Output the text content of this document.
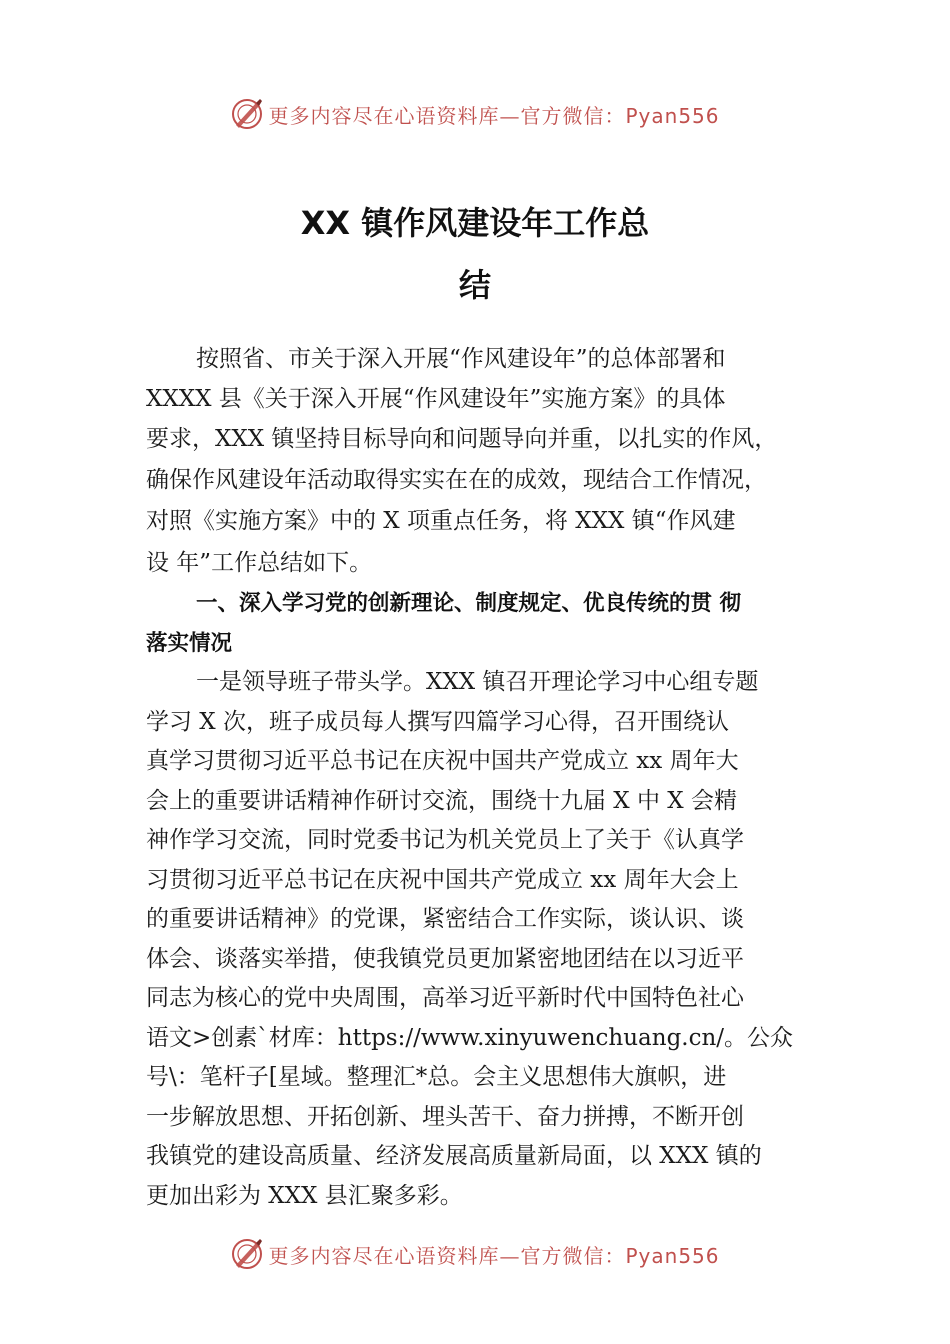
更多内容尽在心语资料库—官方微信：Pyan556
XX 镇作风建设年工作总
结
按照省、市关于深入开展“作风建设年”的总体部署和
XXXX 县《关于深入开展“作风建设年”实施方案》的具体
要求，XXX 镇坚持目标导向和问题导向并重，以扎实的作风，
确保作风建设年活动取得实实在在的成效，现结合工作情况，
对照《实施方案》中的 X 项重点任务，将 XXX 镇“作风建
设 年”工作总结如下。
一、深入学习党的创新理论、制度规定、优良传统的贯 彻
落实情况
一是领导班子带头学。XXX 镇召开理论学习中心组专题
学习 X 次，班子成员每人撰写四篇学习心得，召开围绕认
真学习贯彻习近平总书记在庆祝中国共产党成立 xx 周年大
会上的重要讲话精神作研讨交流，围绕十九届 X 中 X 会精
神作学习交流，同时党委书记为机关党员上了关于《认真学
习贯彻习近平总书记在庆祝中国共产党成立 xx 周年大会上
的重要讲话精神》的党课，紧密结合工作实际，谈认识、谈
体会、谈落实举措，使我镇党员更加紧密地团结在以习近平
同志为核心的党中央周围，高举习近平新时代中国特色社心
语文>创素`材库：https://www.xinyuwenchuang.cn/。公众
号\：笔杆子[星域。整理汇*总。会主义思想伟大旗帜，进
一步解放思想、开拓创新、埋头苦干、奋力拼搏，不断开创
我镇党的建设高质量、经济发展高质量新局面，以 XXX 镇的
更加出彩为 XXX 县汇聚多彩。
更多内容尽在心语资料库—官方微信：Pyan556
